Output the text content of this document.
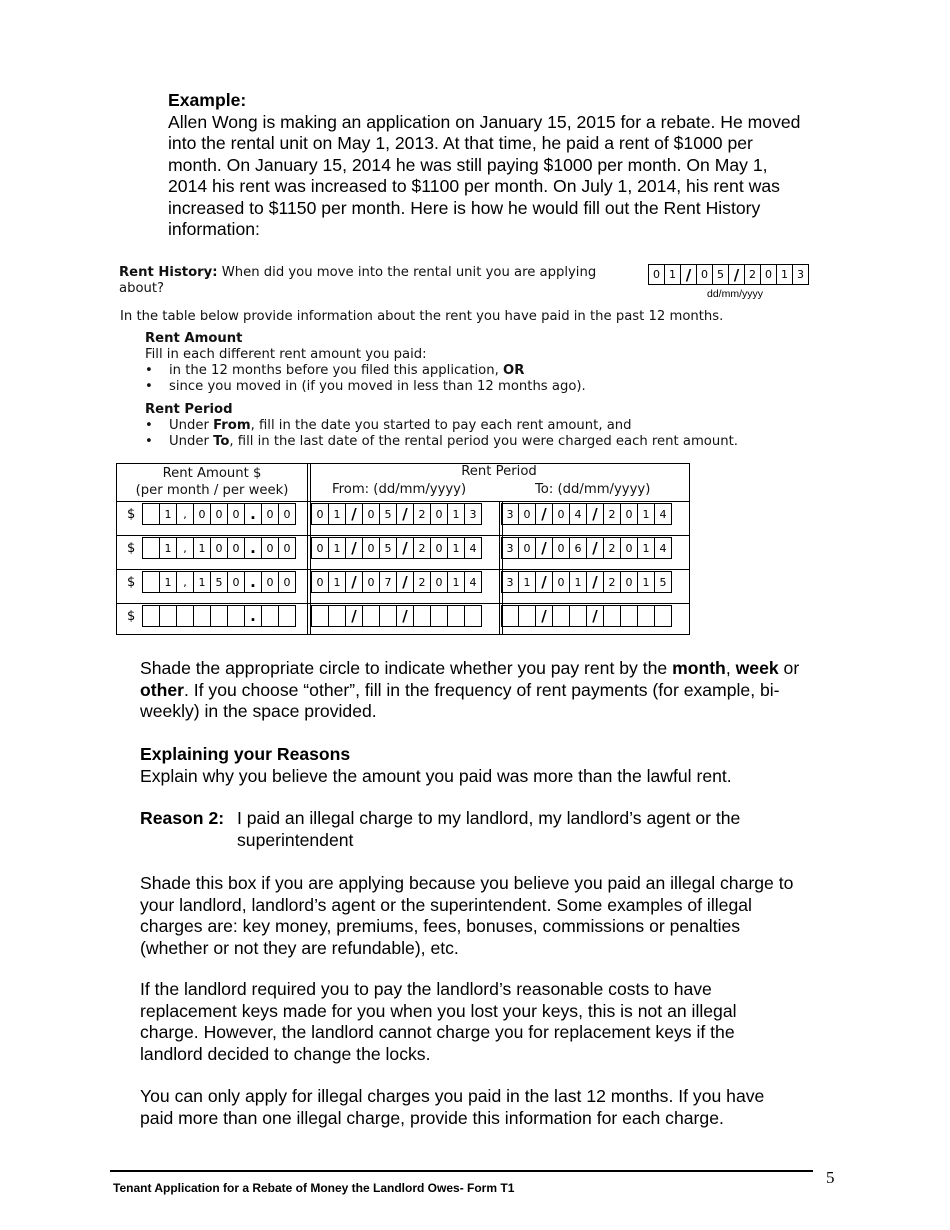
Example:
Allen Wong is making an application on January 15, 2015 for a rebate. He moved
into the rental unit on May 1, 2013. At that time, he paid a rent of $1000 per
month. On January 15, 2014 he was still paying $1000 per month. On May 1,
2014 his rent was increased to $1100 per month. On July 1, 2014, his rent was
increased to $1150 per month. Here is how he would fill out the Rent History
information:
Rent History: When did you move into the rental unit you are applying
about?
0 1 / 0 5 / 2 0 1 3
dd/mm/yyyy
In the table below provide information about the rent you have paid in the past 12 months.
Rent Amount
Fill in each different rent amount you paid:
• in the 12 months before you filed this application, OR
• since you moved in (if you moved in less than 12 months ago).
Rent Period
• Under From, fill in the date you started to pay each rent amount, and
• Under To, fill in the last date of the rental period you were charged each rent amount.
Rent Amount $
(per month / per week)
Rent Period
From: (dd/mm/yyyy)	To: (dd/mm/yyyy)
$	1	,	0 0 0 . 0 0	0 1 / 0 5 / 2 0 1 3	3 0 / 0 4 / 2 0 1 4
$	1	,	1 0 0 . 0 0	0 1 / 0 5 / 2 0 1 4	3 0 / 0 6 / 2 0 1 4
$	1	,	1 5 0 . 0 0	0 1 / 0 7 / 2 0 1 4	3 1 / 0 1 / 2 0 1 5
$	.	/	/	/	/
Shade the appropriate circle to indicate whether you pay rent by the month, week or
other. If you choose “other”, fill in the frequency of rent payments (for example, bi-
weekly) in the space provided.
Explaining your Reasons
Explain why you believe the amount you paid was more than the lawful rent.
Reason 2: I paid an illegal charge to my landlord, my landlord’s agent or the
superintendent
Shade this box if you are applying because you believe you paid an illegal charge to
your landlord, landlord’s agent or the superintendent. Some examples of illegal
charges are: key money, premiums, fees, bonuses, commissions or penalties
(whether or not they are refundable), etc.
If the landlord required you to pay the landlord’s reasonable costs to have
replacement keys made for you when you lost your keys, this is not an illegal
charge. However, the landlord cannot charge you for replacement keys if the
landlord decided to change the locks.
You can only apply for illegal charges you paid in the last 12 months. If you have
paid more than one illegal charge, provide this information for each charge.
Tenant Application for a Rebate of Money the Landlord Owes- Form T1
5
